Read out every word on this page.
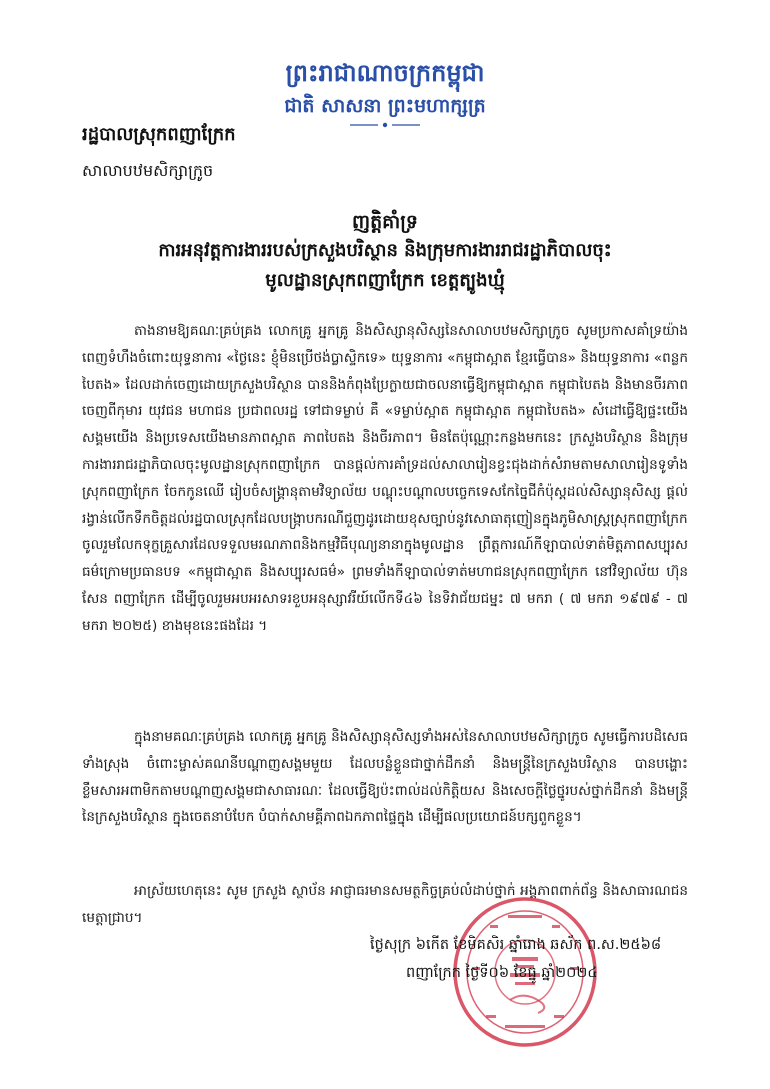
ព្រះរាជាណាចក្រកម្ពុជា
ជាតិ សាសនា ព្រះមហាក្សត្រ
រដ្ឋបាលស្រុកពញាក្រែក
សាលាបឋមសិក្សាក្រូច
ញត្តិគាំទ្រ
ការអនុវត្តការងាររបស់ក្រសួងបរិស្ថាន និងក្រុមការងាររាជរដ្ឋាភិបាលចុះ
មូលដ្ឋានស្រុកពញាក្រែក ខេត្តត្បូងឃ្មុំ

តាងនាមឱ្យគណៈគ្រប់គ្រង លោកគ្រូ អ្នកគ្រូ និងសិស្សានុសិស្សនៃសាលាបឋមសិក្សាក្រូច សូមប្រកាសគាំទ្រយ៉ាងពេញទំហឹងចំពោះយុទ្ធនាការ «ថ្ងៃនេះ ខ្ញុំមិនប្រើថង់ប្លាស្ទិកទេ» យុទ្ធនាការ «កម្ពុជាស្អាត ខ្មែរធ្វើបាន» និងយុទ្ធនាការ «ពន្លកបៃតង» ដែលដាក់ចេញដោយក្រសួងបរិស្ថាន បាននិងកំពុងប្រែក្លាយជាចលនាធ្វើឱ្យកម្ពុជាស្អាត កម្ពុជាបៃតង និងមានចីរភាព ចេញពីកុមារ យុវជន មហាជន ប្រជាពលរដ្ឋ ទៅជាទម្លាប់ គឺ «ទម្លាប់ស្អាត កម្ពុជាស្អាត កម្ពុជាបៃតង» សំដៅធ្វើឱ្យផ្ទះយើង សង្គមយើង និងប្រទេសយើងមានភាពស្អាត ភាពបៃតង និងចីរភាព។ មិនតែប៉ុណ្ណោះកន្លងមកនេះ ក្រសួងបរិស្ថាន និងក្រុមការងាររាជរដ្ឋាភិបាលចុះមូលដ្ឋានស្រុកពញាក្រែក បានផ្ដល់ការគាំទ្រដល់សាលារៀនខ្វះជុងដាក់សំរាមតាមសាលារៀនទូទាំងស្រុកពញាក្រែក ចែកកូនឈើ រៀបចំសង្គ្រានុតាមវិទ្យាល័យ បណ្ដុះបណ្ដាលបច្ចេកទេសកែច្នៃជីកំប៉ុស្ដដល់សិស្សានុសិស្ស ផ្ដល់រង្វាន់លើកទឹកចិត្តដល់រដ្ឋបាលស្រុកដែលបង្ក្រាបករណីជួញដូរដោយខុសច្បាប់នូវសោធាតុញៀនក្នុងភូមិសាស្ត្រស្រុកពញាក្រែក ចូលរួមលែកទុក្ខគ្រួសារដែលទទួលមរណភាពនិងកម្មវិធីបុណ្យនានាក្នុងមូលដ្ឋាន ព្រឹត្តការណ៍កីឡាបាល់ទាត់មិត្តភាពសប្បុរសធម៌ក្រោមប្រធានបទ «កម្ពុជាស្អាត និងសប្បុរសធម៌» ព្រមទាំងកីឡាបាល់ទាត់មហាជនស្រុកពញាក្រែក នៅវិទ្យាល័យ ហ៊ុន សែន ពញាក្រែក ដើម្បីចូលរួមអបអរសាទរខួបអនុស្សាវរីយ៍លើកទី៤៦ នៃទិវាជ័យជម្នះ ៧ មករា ( ៧ មករា ១៩៧៩ - ៧ មករា ២០២៥) ខាងមុខនេះផងដែរ ។

ក្នុងនាមគណៈគ្រប់គ្រង លោកគ្រូ អ្នកគ្រូ និងសិស្សានុសិស្សទាំងអស់នៃសាលាបឋមសិក្សាក្រូច សូមធ្វើការបដិសេធទាំងស្រុង ចំពោះម្ចាស់គណនីបណ្ដាញសង្គមមួយ ដែលបន្លំខ្លួនជាថ្នាក់ដឹកនាំ និងមន្ត្រីនៃក្រសួងបរិស្ថាន បានបង្ហោះខ្លឹមសារអពាមិកតាមបណ្ដាញសង្គមជាសាធារណៈ ដែលធ្វើឱ្យប៉ះពាល់ដល់កិត្តិយស និងសេចក្ដីថ្លៃថ្នូរបស់ថ្នាក់ដឹកនាំ និងមន្ត្រីនៃក្រសួងបរិស្ថាន ក្នុងចេតនាបំបែក បំបាក់សាមគ្គីភាពឯកភាពផ្ទៃក្នុង ដើម្បីផលប្រយោជន៍បក្សពួកខ្លួន។

អាស្រ័យហេតុនេះ សូម ក្រសួង ស្ថាប័ន អាជ្ញាធរមានសមត្ថកិច្ចគ្រប់លំដាប់ថ្នាក់ អង្គភាពពាក់ព័ន្ធ និងសាធារណជន មេត្តាជ្រាប។

ថ្ងៃសុក្រ ៦កើត ខែមិគសិរ ឆ្នាំរោង ឆស័ក ព.ស.២៥៦៨
ពញាក្រែក ថ្ងៃទី០៦ ខែធ្នូ ឆ្នាំ២០២៤
